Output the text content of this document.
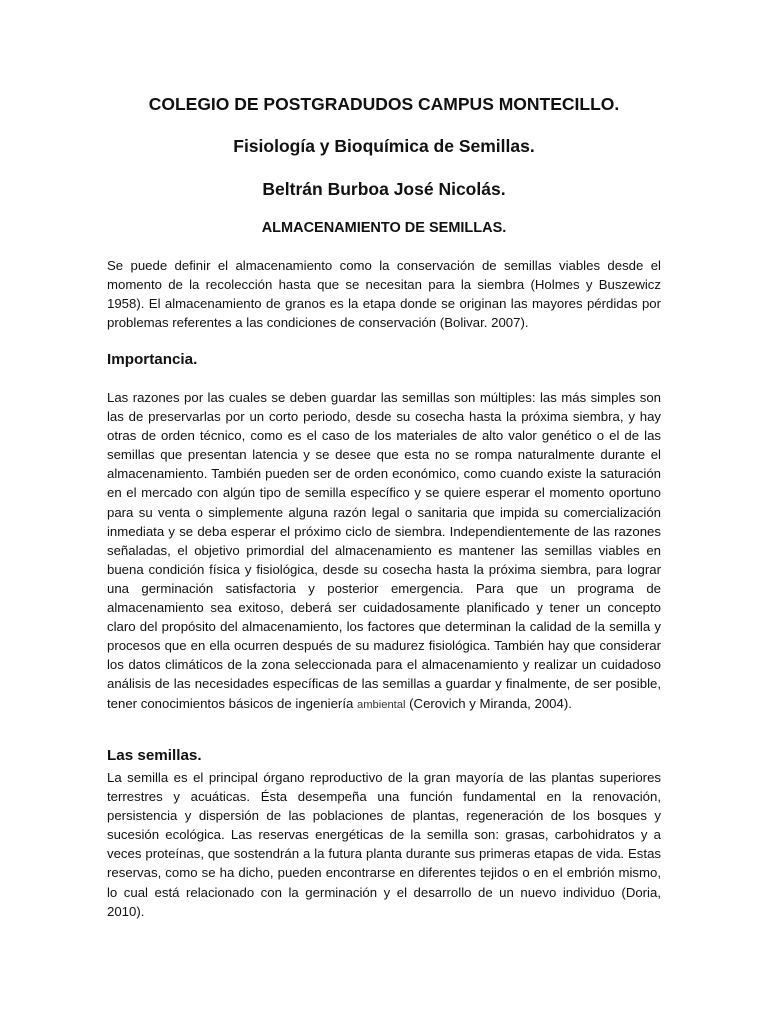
COLEGIO DE POSTGRADUDOS CAMPUS MONTECILLO.
Fisiología y Bioquímica de Semillas.
Beltrán Burboa José Nicolás.
ALMACENAMIENTO DE SEMILLAS.

Se puede definir el almacenamiento como la conservación de semillas viables desde el momento de la recolección hasta que se necesitan para la siembra (Holmes y Buszewicz 1958). El almacenamiento de granos es la etapa donde se originan las mayores pérdidas por problemas referentes a las condiciones de conservación (Bolivar. 2007).

Importancia.

Las razones por las cuales se deben guardar las semillas son múltiples: las más simples son las de preservarlas por un corto periodo, desde su cosecha hasta la próxima siembra, y hay otras de orden técnico, como es el caso de los materiales de alto valor genético o el de las semillas que presentan latencia y se desee que esta no se rompa naturalmente durante el almacenamiento. También pueden ser de orden económico, como cuando existe la saturación en el mercado con algún tipo de semilla específico y se quiere esperar el momento oportuno para su venta o simplemente alguna razón legal o sanitaria que impida su comercialización inmediata y se deba esperar el próximo ciclo de siembra. Independientemente de las razones señaladas, el objetivo primordial del almacenamiento es mantener las semillas viables en buena condición física y fisiológica, desde su cosecha hasta la próxima siembra, para lograr una germinación satisfactoria y posterior emergencia. Para que un programa de almacenamiento sea exitoso, deberá ser cuidadosamente planificado y tener un concepto claro del propósito del almacenamiento, los factores que determinan la calidad de la semilla y procesos que en ella ocurren después de su madurez fisiológica. También hay que considerar los datos climáticos de la zona seleccionada para el almacenamiento y realizar un cuidadoso análisis de las necesidades específicas de las semillas a guardar y finalmente, de ser posible, tener conocimientos básicos de ingeniería ambiental (Cerovich y Miranda, 2004).

Las semillas.

La semilla es el principal órgano reproductivo de la gran mayoría de las plantas superiores terrestres y acuáticas. Ésta desempeña una función fundamental en la renovación, persistencia y dispersión de las poblaciones de plantas, regeneración de los bosques y sucesión ecológica. Las reservas energéticas de la semilla son: grasas, carbohidratos y a veces proteínas, que sostendrán a la futura planta durante sus primeras etapas de vida. Estas reservas, como se ha dicho, pueden encontrarse en diferentes tejidos o en el embrión mismo, lo cual está relacionado con la germinación y el desarrollo de un nuevo individuo (Doria, 2010).
